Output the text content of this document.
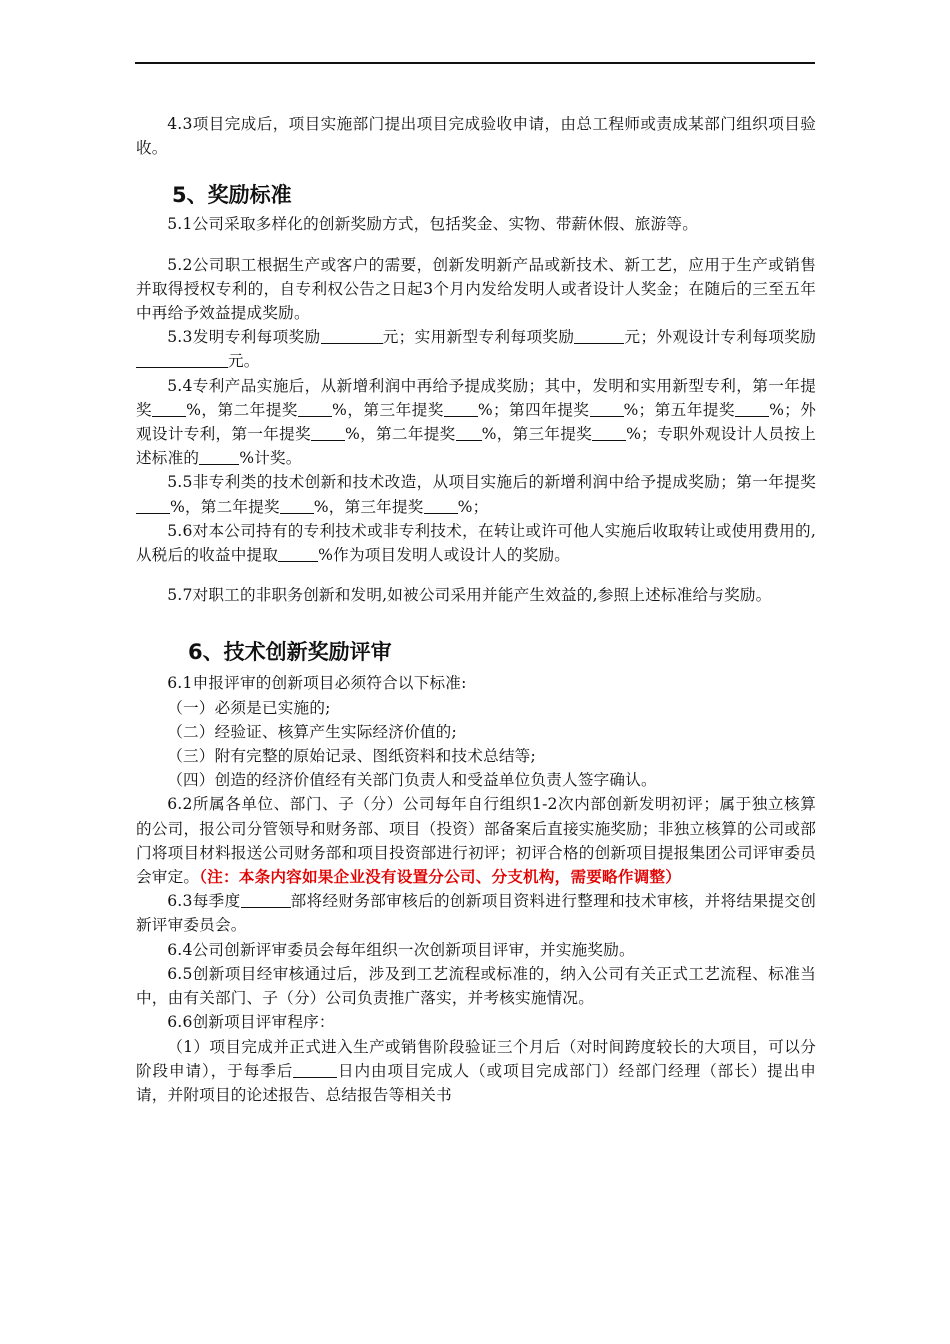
4.3项目完成后，项目实施部门提出项目完成验收申请，由总工程师或责成某部门组织项目验收。

5、奖励标准

5.1公司采取多样化的创新奖励方式，包括奖金、实物、带薪休假、旅游等。

5.2公司职工根据生产或客户的需要，创新发明新产品或新技术、新工艺，应用于生产或销售并取得授权专利的，自专利权公告之日起3个月内发给发明人或者设计人奖金；在随后的三至五年中再给予效益提成奖励。

5.3发明专利每项奖励	元；实用新型专利每项奖励	元；外观设计专利每项奖励元。

5.4专利产品实施后，从新增利润中再给予提成奖励；其中，发明和实用新型专利，第一年提奖 %，第二年提奖 %，第三年提奖 %；第四年提奖 %；第五年提奖 %；外观设计专利，第一年提奖 %，第二年提奖 %，第三年提奖 %；专职外观设计人员按上述标准的	%计奖。

5.5非专利类的技术创新和技术改造，从项目实施后的新增利润中给予提成奖励；第一年提奖%，第二年提奖 %，第三年提奖 %；

5.6对本公司持有的专利技术或非专利技术，在转让或许可他人实施后收取转让或使用费用的,从税后的收益中提取	%作为项目发明人或设计人的奖励。

5.7对职工的非职务创新和发明,如被公司采用并能产生效益的,参照上述标准给与奖励。

6、技术创新奖励评审

6.1申报评审的创新项目必须符合以下标准:

（一）必须是已实施的;

（二）经验证、核算产生实际经济价值的;

（三）附有完整的原始记录、图纸资料和技术总结等;

（四）创造的经济价值经有关部门负责人和受益单位负责人签字确认。

6.2所属各单位、部门、子（分）公司每年自行组织1-2次内部创新发明初评；属于独立核算的公司，报公司分管领导和财务部、项目（投资）部备案后直接实施奖励；非独立核算的公司或部门将项目材料报送公司财务部和项目投资部进行初评；初评合格的创新项目提报集团公司评审委员会审定。（注：本条内容如果企业没有设置分公司、分支机构，需要略作调整）

6.3每季度	部将经财务部审核后的创新项目资料进行整理和技术审核，并将结果提交创新评审委员会。

6.4公司创新评审委员会每年组织一次创新项目评审，并实施奖励。

6.5创新项目经审核通过后，涉及到工艺流程或标准的，纳入公司有关正式工艺流程、标准当中，由有关部门、子（分）公司负责推广落实，并考核实施情况。

6.6创新项目评审程序：

（1）项目完成并正式进入生产或销售阶段验证三个月后（对时间跨度较长的大项目，可以分阶段申请），于每季后	日内由项目完成人（或项目完成部门）经部门经理（部长）提出申请，并附项目的论述报告、总结报告等相关书
